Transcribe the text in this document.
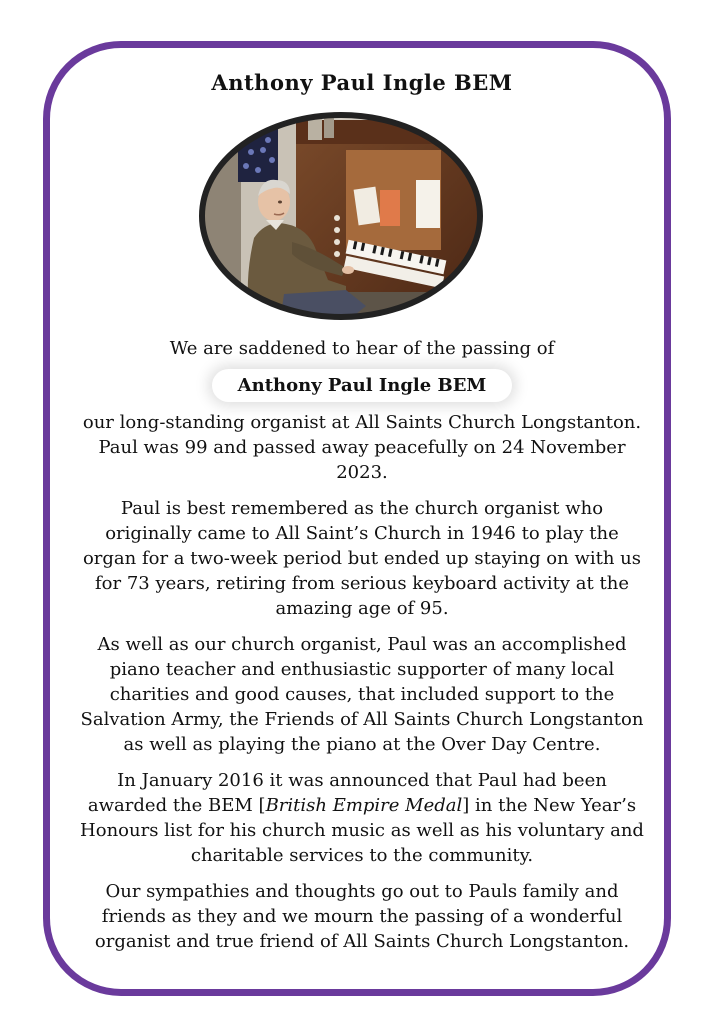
Anthony Paul Ingle BEM

We are saddened to hear of the passing of

Anthony Paul Ingle BEM

our long-standing organist at All Saints Church Longstanton. Paul was 99 and passed away peacefully on 24 November 2023.

Paul is best remembered as the church organist who originally came to All Saint’s Church in 1946 to play the organ for a two-week period but ended up staying on with us for 73 years, retiring from serious keyboard activity at the amazing age of 95.

As well as our church organist, Paul was an accomplished piano teacher and enthusiastic supporter of many local charities and good causes, that included support to the Salvation Army, the Friends of All Saints Church Longstanton as well as playing the piano at the Over Day Centre.

In January 2016 it was announced that Paul had been awarded the BEM [British Empire Medal] in the New Year’s Honours list for his church music as well as his voluntary and charitable services to the community.

Our sympathies and thoughts go out to Pauls family and friends as they and we mourn the passing of a wonderful organist and true friend of All Saints Church Longstanton.
